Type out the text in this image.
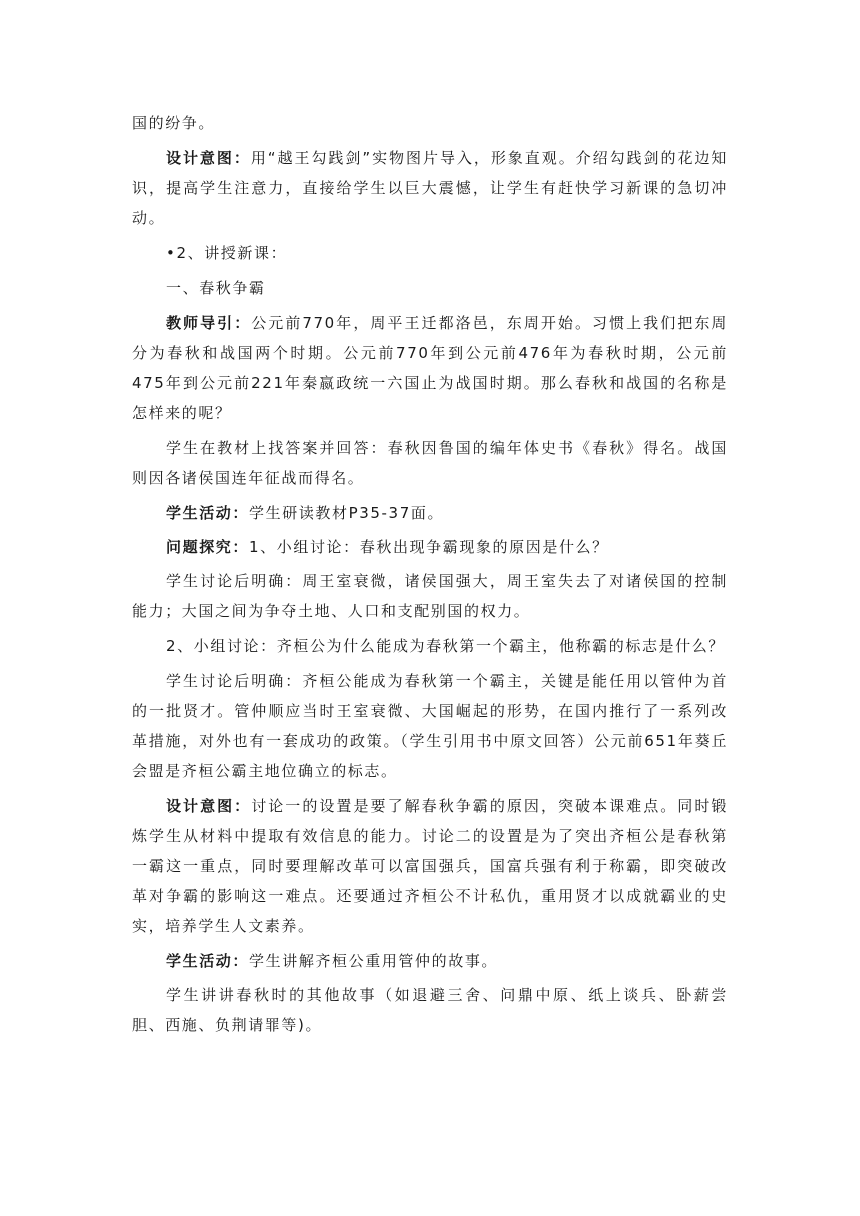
国的纷争。

设计意图：用“越王勾践剑”实物图片导入，形象直观。介绍勾践剑的花边知识，提高学生注意力，直接给学生以巨大震憾，让学生有赶快学习新课的急切冲动。

•2、讲授新课：

一、春秋争霸

教师导引：公元前770年，周平王迁都洛邑，东周开始。习惯上我们把东周分为春秋和战国两个时期。公元前770年到公元前476年为春秋时期，公元前475年到公元前221年秦嬴政统一六国止为战国时期。那么春秋和战国的名称是怎样来的呢？

学生在教材上找答案并回答：春秋因鲁国的编年体史书《春秋》得名。战国则因各诸侯国连年征战而得名。

学生活动：学生研读教材P35-37面。

问题探究：1、小组讨论：春秋出现争霸现象的原因是什么？

学生讨论后明确：周王室衰微，诸侯国强大，周王室失去了对诸侯国的控制能力；大国之间为争夺土地、人口和支配别国的权力。

2、小组讨论：齐桓公为什么能成为春秋第一个霸主，他称霸的标志是什么？

学生讨论后明确：齐桓公能成为春秋第一个霸主，关键是能任用以管仲为首的一批贤才。管仲顺应当时王室衰微、大国崛起的形势，在国内推行了一系列改革措施，对外也有一套成功的政策。（学生引用书中原文回答）公元前651年葵丘会盟是齐桓公霸主地位确立的标志。

设计意图：讨论一的设置是要了解春秋争霸的原因，突破本课难点。同时锻炼学生从材料中提取有效信息的能力。讨论二的设置是为了突出齐桓公是春秋第一霸这一重点，同时要理解改革可以富国强兵，国富兵强有利于称霸，即突破改革对争霸的影响这一难点。还要通过齐桓公不计私仇，重用贤才以成就霸业的史实，培养学生人文素养。

学生活动：学生讲解齐桓公重用管仲的故事。

学生讲讲春秋时的其他故事（如退避三舍、问鼎中原、纸上谈兵、卧薪尝胆、西施、负荆请罪等)。
